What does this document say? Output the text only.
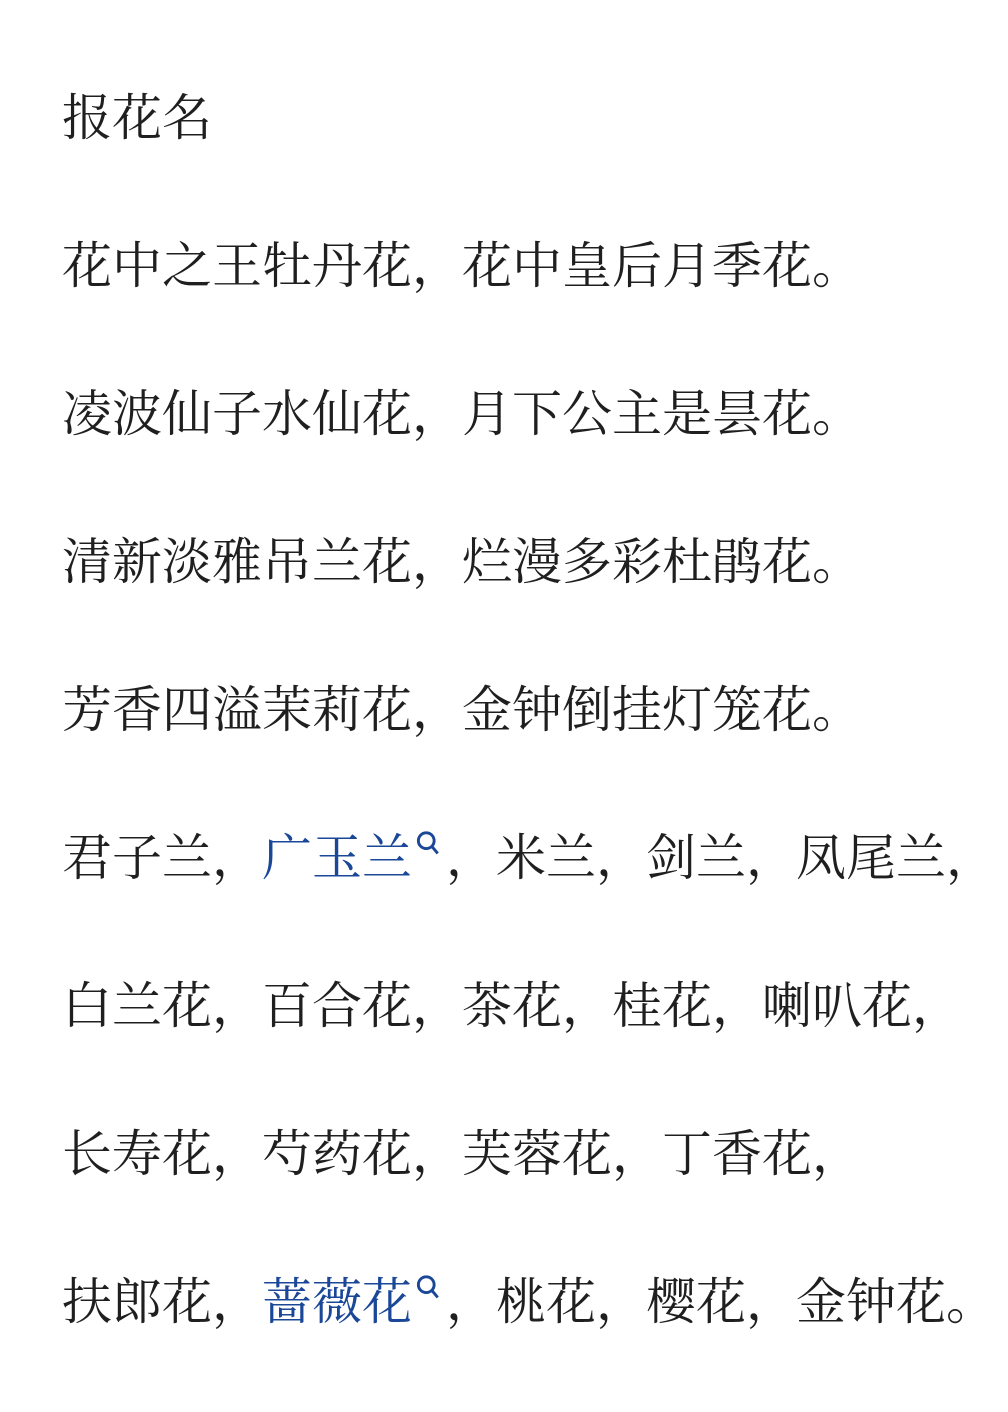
报花名

花中之王牡丹花，花中皇后月季花。

凌波仙子水仙花，月下公主是昙花。

清新淡雅吊兰花，烂漫多彩杜鹃花。

芳香四溢茉莉花，金钟倒挂灯笼花。

君子兰，广玉兰 ，米兰，剑兰，凤尾兰，

白兰花，百合花，茶花，桂花，喇叭花，

长寿花，芍药花，芙蓉花，丁香花，

扶郎花，蔷薇花 ，桃花，樱花，金钟花。
